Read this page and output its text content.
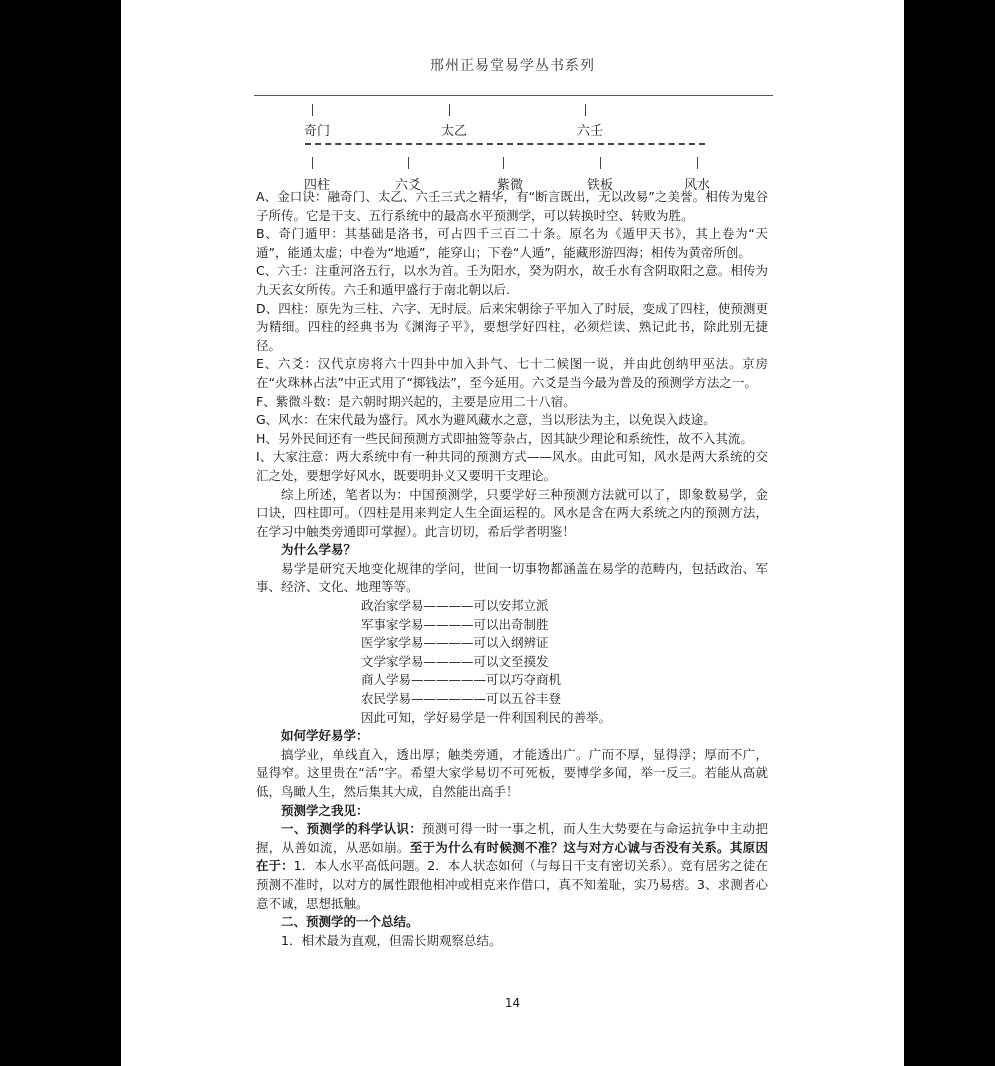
邢州正易堂易学丛书系列
奇门	太乙	六壬
四柱	六爻	紫微	铁板	风水

A、金口诀：融奇门、太乙、六壬三式之精华，有“断言既出，无以改易”之美誉。相传为鬼谷子所传。它是干支、五行系统中的最高水平预测学，可以转换时空、转败为胜。

B、奇门遁甲：其基础是洛书，可占四千三百二十条。原名为《遁甲天书》，其上卷为“天遁”，能通太虚；中卷为“地遁”，能穿山；下卷“人遁”，能藏形游四海；相传为黄帝所创。

C、六壬：注重河洛五行，以水为首。壬为阳水，癸为阴水，故壬水有含阴取阳之意。相传为九天玄女所传。六壬和遁甲盛行于南北朝以后.

D、四柱：原先为三柱、六字、无时辰。后来宋朝徐子平加入了时辰，变成了四柱，使预测更为精细。四柱的经典书为《渊海子平》，要想学好四柱，必须烂读、熟记此书，除此别无捷径。

E、六爻：汉代京房将六十四卦中加入卦气、七十二候图一说，并由此创纳甲巫法。京房在“火珠林占法”中正式用了“掷钱法”，至今延用。六爻是当今最为普及的预测学方法之一。

F、紫微斗数：是六朝时期兴起的，主要是应用二十八宿。

G、风水：在宋代最为盛行。风水为避风藏水之意，当以形法为主，以免误入歧途。

H、另外民间还有一些民间预测方式即抽签等杂占，因其缺少理论和系统性，故不入其流。

I、大家注意：两大系统中有一种共同的预测方式——风水。由此可知，风水是两大系统的交汇之处，要想学好风水，既要明卦义又要明干支理论。

综上所述，笔者以为：中国预测学，只要学好三种预测方法就可以了，即象数易学，金口诀，四柱即可。（四柱是用来判定人生全面运程的。风水是含在两大系统之内的预测方法，在学习中触类旁通即可掌握）。此言切切，希后学者明鉴！

为什么学易？

易学是研究天地变化规律的学问，世间一切事物都涵盖在易学的范畴内，包括政治、军事、经济、文化、地理等等。

政治家学易————可以安邦立派
军事家学易————可以出奇制胜
医学家学易————可以入纲辨证
文学家学易————可以文至摸发
商人学易——————可以巧夺商机
农民学易——————可以五谷丰登
因此可知，学好易学是一件利国利民的善举。

如何学好易学：

搞学业，单线直入，透出厚；触类旁通，才能透出广。广而不厚，显得浮；厚而不广，显得窄。这里贵在“活”字。希望大家学易切不可死板，要博学多闻，举一反三。若能从高就低，鸟瞰人生，然后集其大成，自然能出高手！

预测学之我见：

一、预测学的科学认识：预测可得一时一事之机，而人生大势要在与命运抗争中主动把握，从善如流，从恶如崩。至于为什么有时候测不准？这与对方心诚与否没有关系。其原因在于：1．本人水平高低问题。2．本人状态如何（与每日干支有密切关系）。竞有居劣之徒在预测不准时，以对方的属性跟他相冲或相克来作借口，真不知羞耻，实乃易痞。3、求测者心意不诚，思想抵触。

二、预测学的一个总结。

1．相术最为直观，但需长期观察总结。

14
